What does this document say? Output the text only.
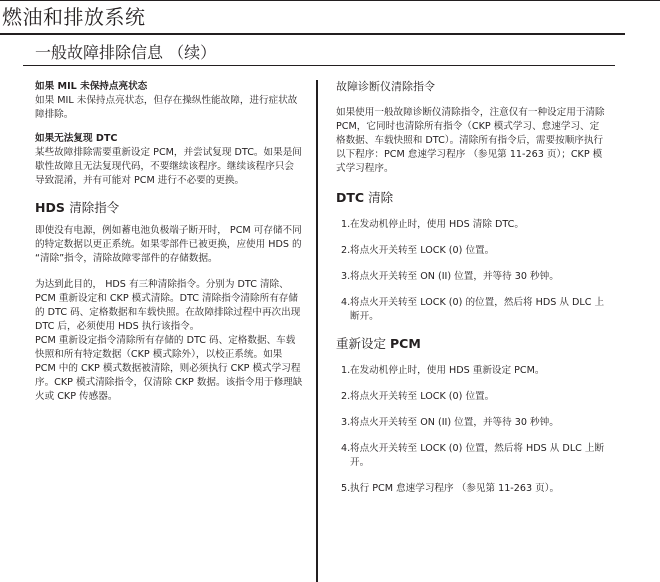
燃油和排放系统
一般故障排除信息 （续）

如果 MIL 未保持点亮状态

如果 MIL 未保持点亮状态，但存在操纵性能故障，进行症状故障排除。

如果无法复现 DTC

某些故障排除需要重新设定 PCM，并尝试复现 DTC。如果是间歇性故障且无法复现代码，不要继续该程序。继续该程序只会导致混淆，并有可能对 PCM 进行不必要的更换。

HDS 清除指令

即使没有电源，例如蓄电池负极端子断开时， PCM 可存储不同的特定数据以更正系统。如果零部件已被更换，应使用 HDS 的 “清除”指令，清除故障零部件的存储数据。

为达到此目的， HDS 有三种清除指令。分别为 DTC 清除、PCM 重新设定和 CKP 模式清除。DTC 清除指令清除所有存储的 DTC 码、定格数据和车载快照。在故障排除过程中再次出现 DTC 后，必须使用 HDS 执行该指令。

PCM 重新设定指令清除所有存储的 DTC 码、定格数据、车载快照和所有特定数据（CKP 模式除外），以校正系统。如果 PCM 中的 CKP 模式数据被清除，则必须执行 CKP 模式学习程序。CKP 模式清除指令，仅清除 CKP 数据。该指令用于修理缺火或 CKP 传感器。

故障诊断仪清除指令

如果使用一般故障诊断仪清除指令，注意仅有一种设定用于清除 PCM，它同时也清除所有指令（CKP 模式学习、怠速学习、定格数据、车载快照和 DTC）。清除所有指令后，需要按顺序执行以下程序：PCM 怠速学习程序 （参见第 11-263 页）；CKP 模式学习程序。

DTC 清除
1. 在发动机停止时，使用 HDS 清除 DTC。
2. 将点火开关转至 LOCK (0) 位置。
3. 将点火开关转至 ON (II) 位置，并等待 30 秒钟。
4. 将点火开关转至 LOCK (0) 的位置，然后将 HDS 从 DLC 上断开。
重新设定 PCM
1. 在发动机停止时，使用 HDS 重新设定 PCM。
2. 将点火开关转至 LOCK (0) 位置。
3. 将点火开关转至 ON (II) 位置，并等待 30 秒钟。
4. 将点火开关转至 LOCK (0) 位置，然后将 HDS 从 DLC 上断开。
5. 执行 PCM 怠速学习程序 （参见第 11-263 页）。
